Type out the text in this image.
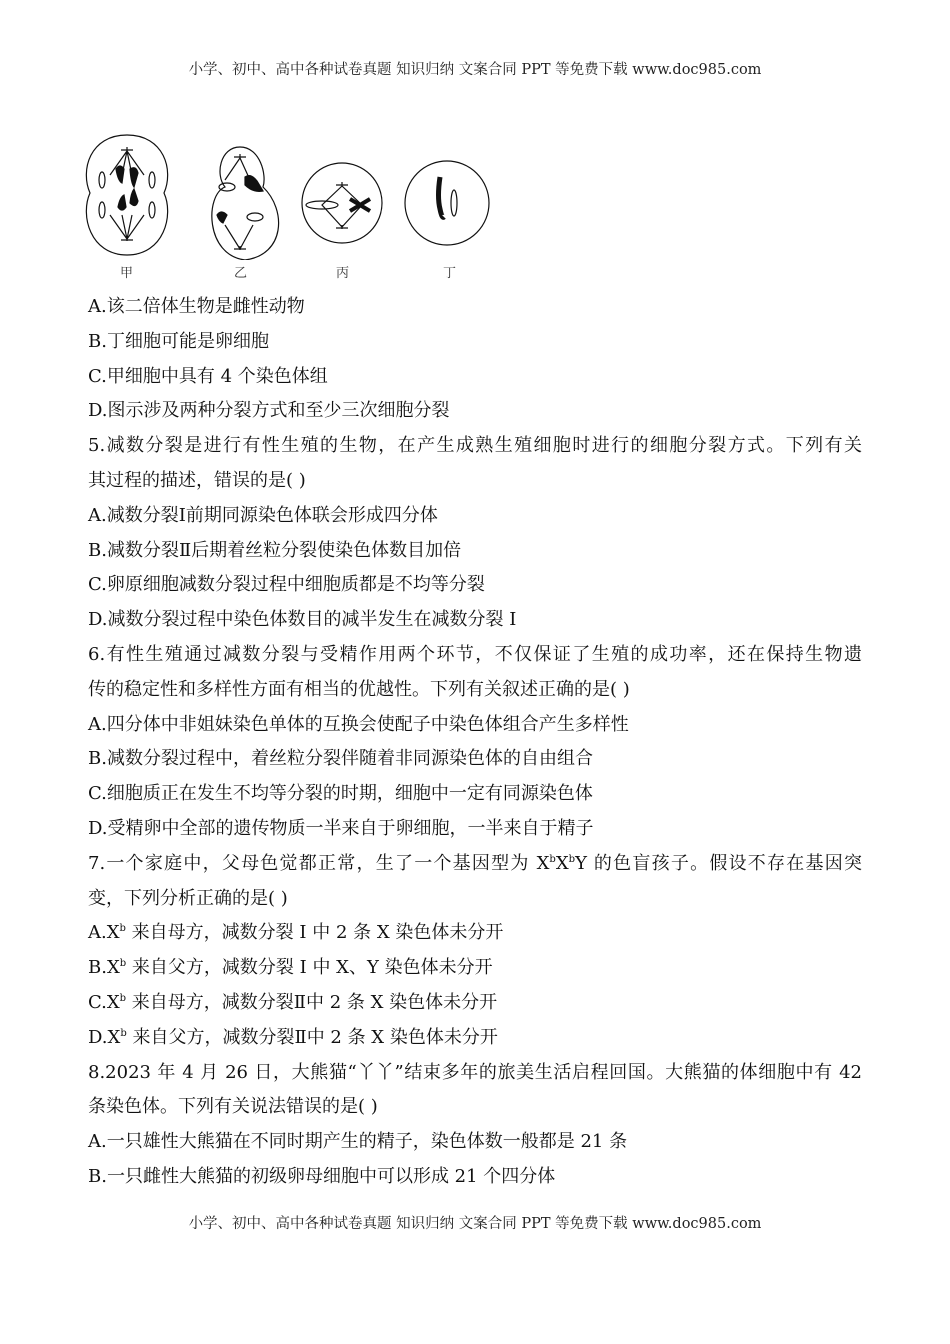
小学、初中、高中各种试卷真题 知识归纳 文案合同 PPT 等免费下载 www.doc985.com
甲	乙	丙	丁
A.该二倍体生物是雌性动物
B.丁细胞可能是卵细胞
C.甲细胞中具有 4 个染色体组
D.图示涉及两种分裂方式和至少三次细胞分裂
5.减数分裂是进行有性生殖的生物，在产生成熟生殖细胞时进行的细胞分裂方式。下列有关
其过程的描述，错误的是( )
A.减数分裂Ⅰ前期同源染色体联会形成四分体
B.减数分裂Ⅱ后期着丝粒分裂使染色体数目加倍
C.卵原细胞减数分裂过程中细胞质都是不均等分裂
D.减数分裂过程中染色体数目的减半发生在减数分裂 I
6.有性生殖通过减数分裂与受精作用两个环节，不仅保证了生殖的成功率，还在保持生物遗
传的稳定性和多样性方面有相当的优越性。下列有关叙述正确的是( )
A.四分体中非姐妹染色单体的互换会使配子中染色体组合产生多样性
B.减数分裂过程中，着丝粒分裂伴随着非同源染色体的自由组合
C.细胞质正在发生不均等分裂的时期，细胞中一定有同源染色体
D.受精卵中全部的遗传物质一半来自于卵细胞，一半来自于精子
7.一个家庭中，父母色觉都正常，生了一个基因型为 $X^bX^bY$ 的色盲孩子。假设不存在基因突
变，下列分析正确的是( )
$A.X^b$ 来自母方，减数分裂 I 中 2 条 X 染色体未分开
$B.X^b$ 来自父方，减数分裂 I 中 X、Y 染色体未分开
$C.X^b$ 来自母方，减数分裂Ⅱ中 2 条 X 染色体未分开
$D.X^b$ 来自父方，减数分裂Ⅱ中 2 条 X 染色体未分开
8.2023 年 4 月 26 日，大熊猫“丫丫”结束多年的旅美生活启程回国。大熊猫的体细胞中有 42
条染色体。下列有关说法错误的是( )
A.一只雄性大熊猫在不同时期产生的精子，染色体数一般都是 21 条
B.一只雌性大熊猫的初级卵母细胞中可以形成 21 个四分体
小学、初中、高中各种试卷真题 知识归纳 文案合同 PPT 等免费下载 www.doc985.com
